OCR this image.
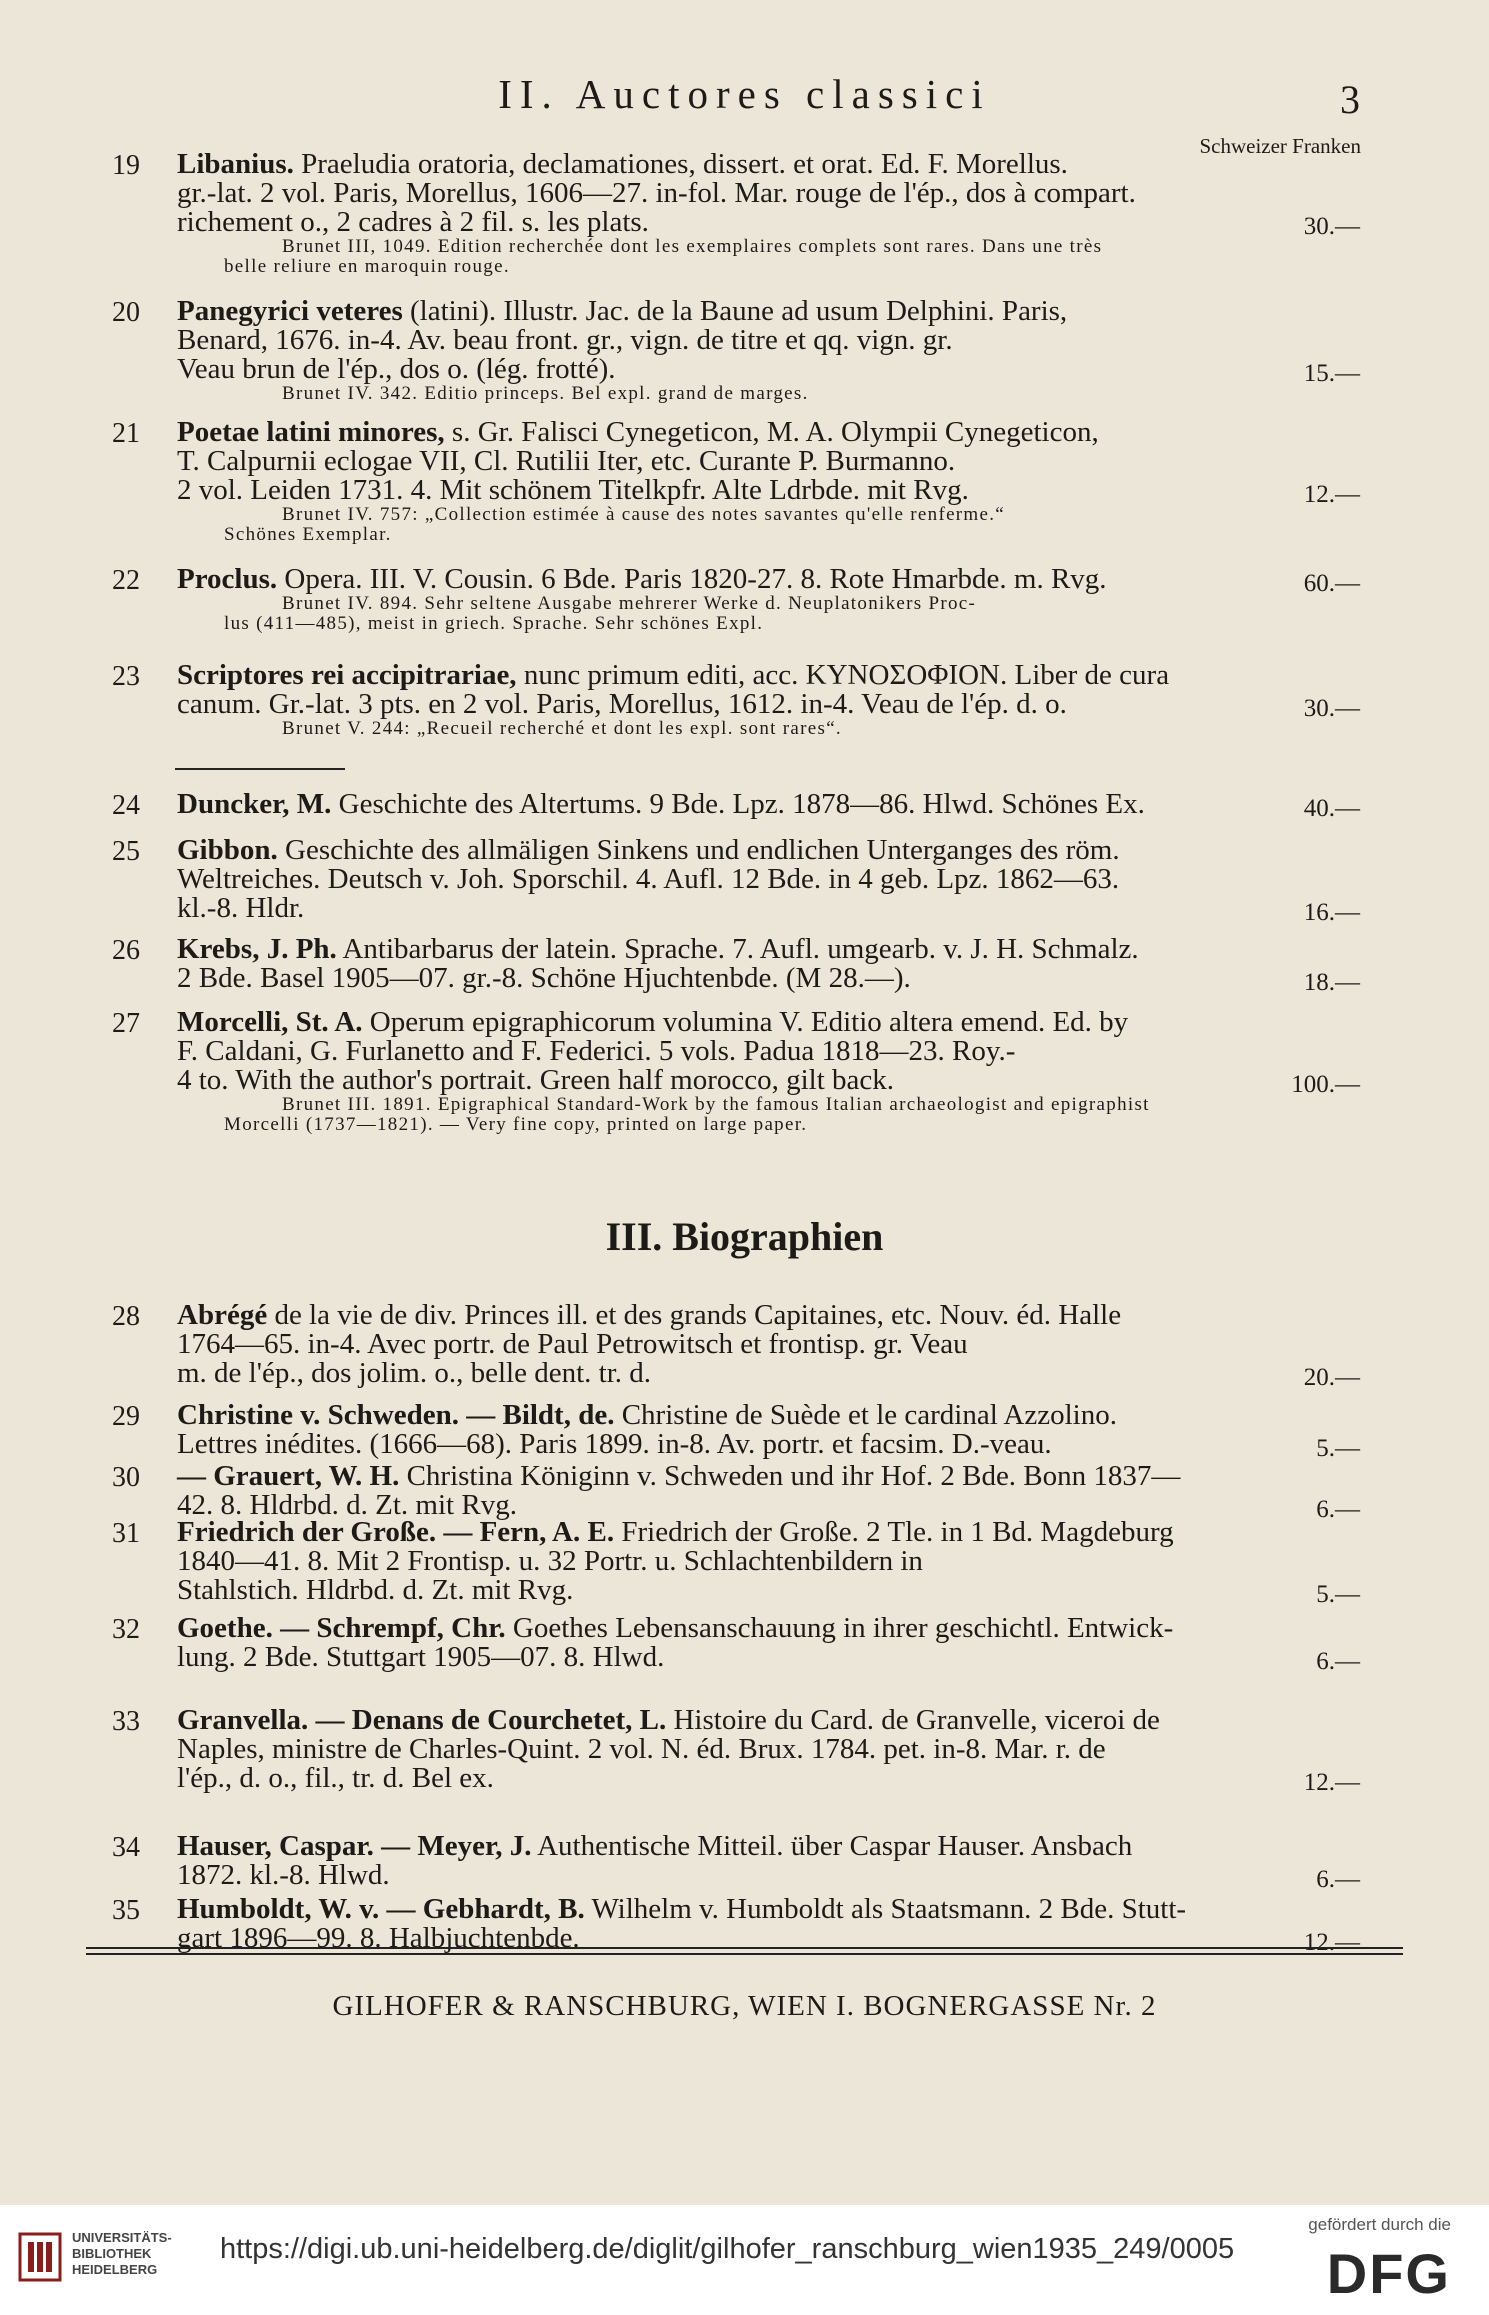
II. Auctores classici	3
Schweizer Franken
19 Libanius. Praeludia oratoria, declamationes, dissert. et orat. Ed. F. Morellus.
gr.-lat. 2 vol. Paris, Morellus, 1606—27. in-fol. Mar. rouge de l'ép., dos à compart.
richement o., 2 cadres à 2 fil. s. les plats.	30.—
Brunet III, 1049. Edition recherchée dont les exemplaires complets sont rares. Dans une très
belle reliure en maroquin rouge.
20 Panegyrici veteres (latini). Illustr. Jac. de la Baune ad usum Delphini. Paris,
Benard, 1676. in-4. Av. beau front. gr., vign. de titre et qq. vign. gr.
Veau brun de l'ép., dos o. (lég. frotté).	15.—
Brunet IV. 342. Editio princeps. Bel expl. grand de marges.
21 Poetae latini minores, s. Gr. Falisci Cynegeticon, M. A. Olympii Cynegeticon,
T. Calpurnii eclogae VII, Cl. Rutilii Iter, etc. Curante P. Burmanno.
2 vol. Leiden 1731. 4. Mit schönem Titelkpfr. Alte Ldrbde. mit Rvg.	12.—
Brunet IV. 757: „Collection estimée à cause des notes savantes qu'elle renferme.“
Schönes Exemplar.
22 Proclus. Opera. III. V. Cousin. 6 Bde. Paris 1820-27. 8. Rote Hmarbde. m. Rvg.	60.—
Brunet IV. 894. Sehr seltene Ausgabe mehrerer Werke d. Neuplatonikers Proc-
lus (411—485), meist in griech. Sprache. Sehr schönes Expl.
23 Scriptores rei accipitrariae, nunc primum editi, acc. ΚΥΝΟΣΟΦΙΟΝ. Liber de cura
canum. Gr.-lat. 3 pts. en 2 vol. Paris, Morellus, 1612. in-4. Veau de l'ép. d. o.	30.—
Brunet V. 244: „Recueil recherché et dont les expl. sont rares“.
24 Duncker, M. Geschichte des Altertums. 9 Bde. Lpz. 1878—86. Hlwd. Schönes Ex.	40.—
25 Gibbon. Geschichte des allmäligen Sinkens und endlichen Unterganges des röm.
Weltreiches. Deutsch v. Joh. Sporschil. 4. Aufl. 12 Bde. in 4 geb. Lpz. 1862—63.
kl.-8. Hldr.	16.—
26 Krebs, J. Ph. Antibarbarus der latein. Sprache. 7. Aufl. umgearb. v. J. H. Schmalz.
2 Bde. Basel 1905—07. gr.-8. Schöne Hjuchtenbde. (M 28.—).	18.—
27 Morcelli, St. A. Operum epigraphicorum volumina V. Editio altera emend. Ed. by
F. Caldani, G. Furlanetto and F. Federici. 5 vols. Padua 1818—23. Roy.-
4 to. With the author's portrait. Green half morocco, gilt back.	100.—
Brunet III. 1891. Epigraphical Standard-Work by the famous Italian archaeologist and epigraphist
Morcelli (1737—1821). — Very fine copy, printed on large paper.
III. Biographien
28 Abrégé de la vie de div. Princes ill. et des grands Capitaines, etc. Nouv. éd. Halle
1764—65. in-4. Avec portr. de Paul Petrowitsch et frontisp. gr. Veau
m. de l'ép., dos jolim. o., belle dent. tr. d.	20.—
29 Christine v. Schweden. — Bildt, de. Christine de Suède et le cardinal Azzolino.
Lettres inédites. (1666—68). Paris 1899. in-8. Av. portr. et facsim. D.-veau.	5.—
30 — Grauert, W. H. Christina Königinn v. Schweden und ihr Hof. 2 Bde. Bonn 1837—
42. 8. Hldrbd. d. Zt. mit Rvg.	6.—
31 Friedrich der Große. — Fern, A. E. Friedrich der Große. 2 Tle. in 1 Bd. Magdeburg
1840—41. 8. Mit 2 Frontisp. u. 32 Portr. u. Schlachtenbildern in
Stahlstich. Hldrbd. d. Zt. mit Rvg.	5.—
32 Goethe. — Schrempf, Chr. Goethes Lebensanschauung in ihrer geschichtl. Entwick-
lung. 2 Bde. Stuttgart 1905—07. 8. Hlwd.	6.—
33 Granvella. — Denans de Courchetet, L. Histoire du Card. de Granvelle, viceroi de
Naples, ministre de Charles-Quint. 2 vol. N. éd. Brux. 1784. pet. in-8. Mar. r. de
l'ép., d. o., fil., tr. d. Bel ex.	12.—
34 Hauser, Caspar. — Meyer, J. Authentische Mitteil. über Caspar Hauser. Ansbach
1872. kl.-8. Hlwd.	6.—
35 Humboldt, W. v. — Gebhardt, B. Wilhelm v. Humboldt als Staatsmann. 2 Bde. Stutt-
gart 1896—99. 8. Halbjuchtenbde.	12.—
GILHOFER & RANSCHBURG, WIEN I. BOGNERGASSE Nr. 2
UNIVERSITÄTS-
BIBLIOTHEK
HEIDELBERG
https://digi.ub.uni-heidelberg.de/diglit/gilhofer_ranschburg_wien1935_249/0005
gefördert durch die
DFG
